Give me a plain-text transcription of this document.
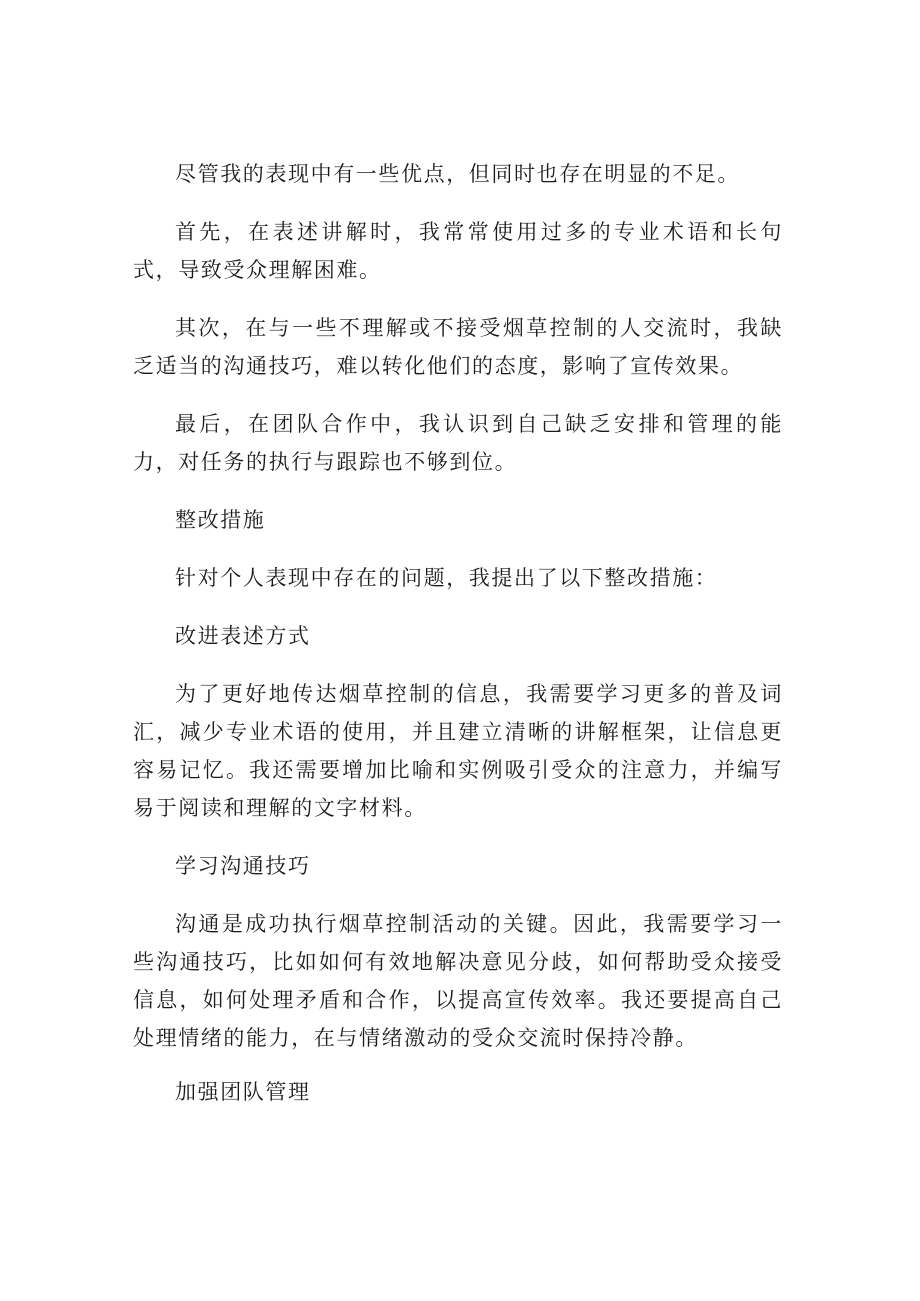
尽管我的表现中有一些优点，但同时也存在明显的不足。

首先，在表述讲解时，我常常使用过多的专业术语和长句式，导致受众理解困难。

其次，在与一些不理解或不接受烟草控制的人交流时，我缺乏适当的沟通技巧，难以转化他们的态度，影响了宣传效果。

最后，在团队合作中，我认识到自己缺乏安排和管理的能力，对任务的执行与跟踪也不够到位。

整改措施

针对个人表现中存在的问题，我提出了以下整改措施：

改进表述方式

为了更好地传达烟草控制的信息，我需要学习更多的普及词汇，减少专业术语的使用，并且建立清晰的讲解框架，让信息更容易记忆。我还需要增加比喻和实例吸引受众的注意力，并编写易于阅读和理解的文字材料。

学习沟通技巧

沟通是成功执行烟草控制活动的关键。因此，我需要学习一些沟通技巧，比如如何有效地解决意见分歧，如何帮助受众接受信息，如何处理矛盾和合作，以提高宣传效率。我还要提高自己处理情绪的能力，在与情绪激动的受众交流时保持冷静。

加强团队管理
